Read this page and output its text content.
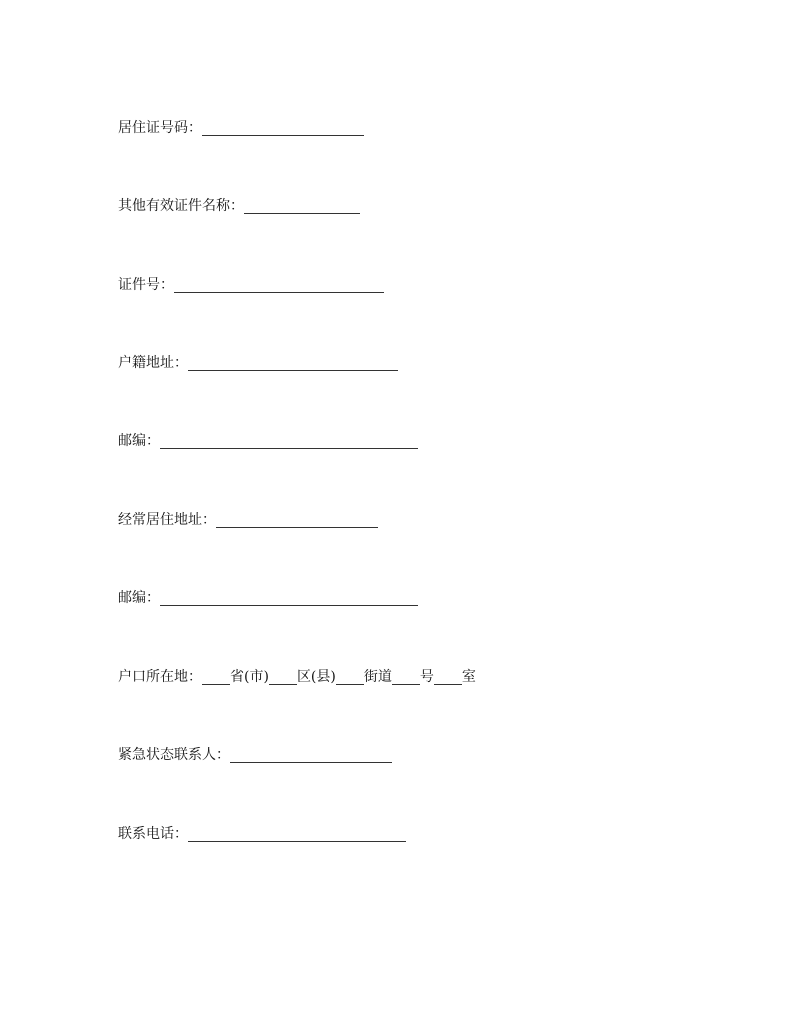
居住证号码：
其他有效证件名称：
证件号：
户籍地址：
邮编：
经常居住地址：
邮编：
户口所在地： 省(市) 区(县) 街道 号 室
紧急状态联系人：
联系电话：
